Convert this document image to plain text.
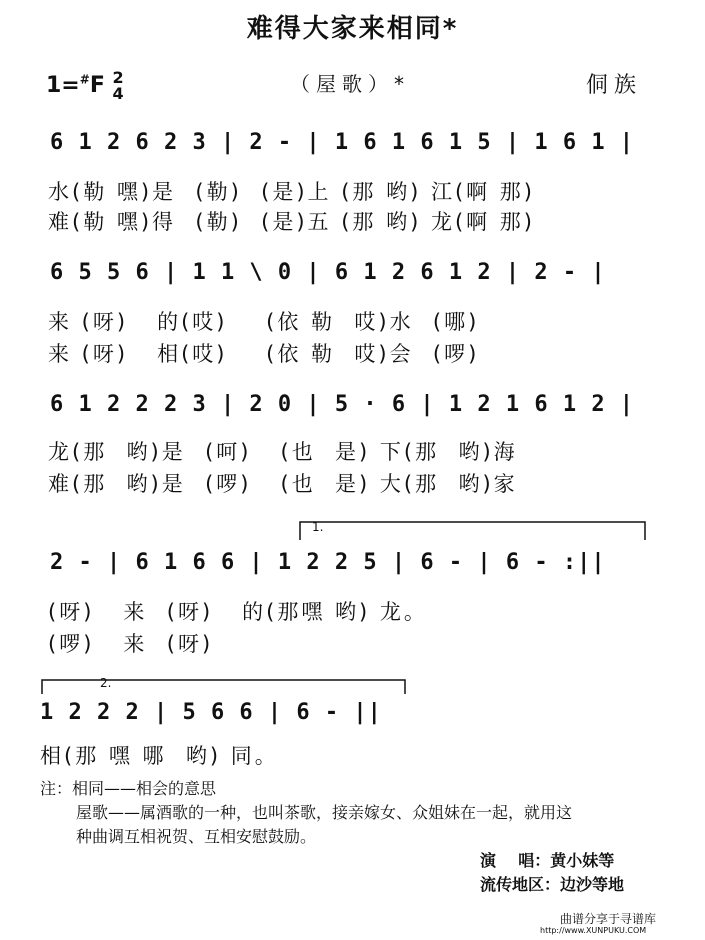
难得大家来相同*
1=#F 2
4	（屋歌）*	侗族
6 1 2 6 2 3 | 2 - | 1 6 1 6 1 5 | 1 6 1 |
水(勒 嘿)是  (勒)  (是)上 (那 哟) 江(啊 那)
难(勒 嘿)得  (勒)  (是)五 (那 哟) 龙(啊 那)
6 5 5 6 | 1 1 \ 0 | 6 1 2 6 1 2 | 2 - |
来 (呀)   的(哎)    (依 勒  哎)水  (哪)
来 (呀)   相(哎)    (依 勒  哎)会  (啰)
6 1 2 2 2 3 | 2 0 | 5 · 6 | 1 2 1 6 1 2 |
龙(那  哟)是  (呵)   (也  是) 下(那  哟)海
难(那  哟)是  (啰)   (也  是) 大(那  哟)家
1.
2 - | 6 1 6 6 | 1 2 2 5 | 6 - | 6 - :||
(呀)   来  (呀)   的(那嘿 哟) 龙。
(啰)   来  (呀)
2.
1 2 2 2 | 5 6 6 | 6 - ||
相(那 嘿 哪  哟) 同。
注：相同——相会的意思
屋歌——属酒歌的一种，也叫茶歌，接亲嫁女、众姐妹在一起，就用这
种曲调互相祝贺、互相安慰鼓励。
演    唱：黄小妹等
流传地区：边沙等地
曲谱分享于寻谱库
http://www.XUNPUKU.COM
